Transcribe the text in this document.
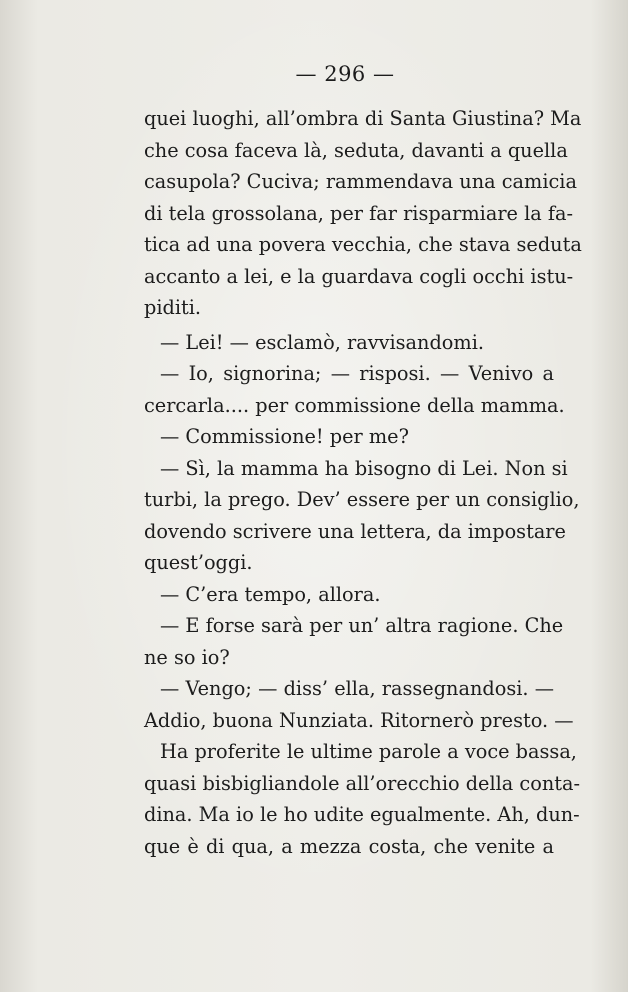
— 296 —
quei luoghi, all’ombra di Santa Giustina? Ma
che cosa faceva là, seduta, davanti a quella
casupola? Cuciva; rammendava una camicia
di tela grossolana, per far risparmiare la fa-
tica ad una povera vecchia, che stava seduta
accanto a lei, e la guardava cogli occhi istu-
piditi.
— Lei! — esclamò, ravvisandomi.
— Io, signorina; — risposi. — Venivo a
cercarla.... per commissione della mamma.
— Commissione! per me?
— Sì, la mamma ha bisogno di Lei. Non si
turbi, la prego. Dev’ essere per un consiglio,
dovendo scrivere una lettera, da impostare
quest’oggi.
— C’era tempo, allora.
— E forse sarà per un’ altra ragione. Che
ne so io?
— Vengo; — diss’ ella, rassegnandosi. —
Addio, buona Nunziata. Ritornerò presto. —
Ha proferite le ultime parole a voce bassa,
quasi bisbigliandole all’orecchio della conta-
dina. Ma io le ho udite egualmente. Ah, dun-
que è di qua, a mezza costa, che venite a
